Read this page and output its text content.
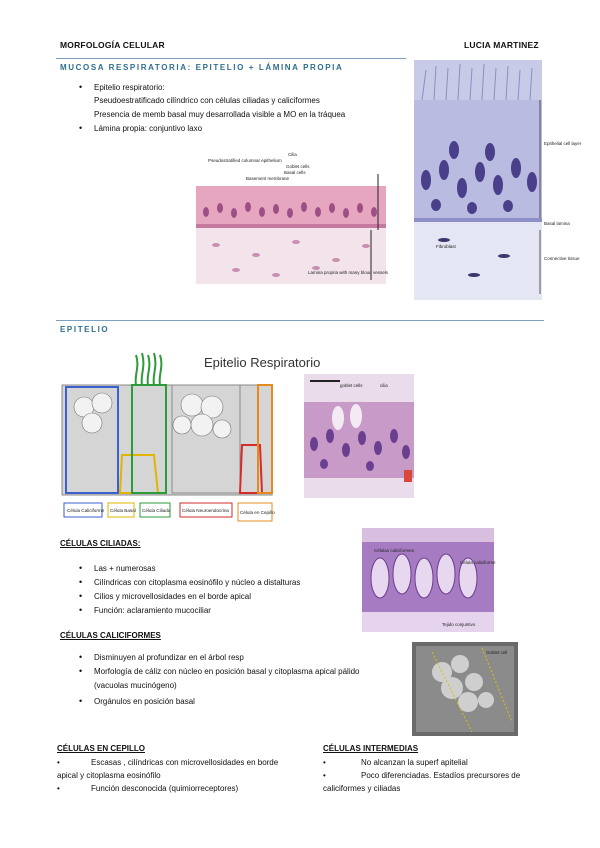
MORFOLOGÍA CELULAR	LUCIA MARTINEZ
MUCOSA RESPIRATORIA: EPITELIO + LÁMINA PROPIA
• Epitelio respiratorio:
Pseudoestratificado cilíndrico con células ciliadas y caliciformes
Presencia de memb basal muy desarrollada visible a MO en la tráquea
• Lámina propia: conjuntivo laxo
Cilia
Pseudostratified columnar epithelium
Goblet cells
Basal cells
Basement membrane
Lamina propria with many blood vessels
Epithelial cell layer
Basal lamina
Fibroblast
Connective tissue
EPITELIO
Epitelio Respiratorio
Célula Caliciforme Célula Basal Célula Ciliada	Célula Neuroendocrina Célula en Cepillo
goblet cells	cilia
CÉLULAS CILIADAS:
• Las + numerosas
• Cilíndricas con citoplasma eosinófilo y núcleo a distalturas
• Cilios y microvellosidades en el borde apical
• Función: aclaramiento mucociliar
Células caliciformes
Célula caliciforme
Tejido conjuntivo
CÉLULAS CALICIFORMES
• Disminuyen al profundizar en el árbol resp
• Morfología de cáliz con núcleo en posición basal y citoplasma apical pálido
(vacuolas mucinógeno)
• Orgánulos en posición basal
Goblet cell
CÉLULAS EN CEPILLO
•	Escasas , cilíndricas con microvellosidades en borde
apical y citoplasma eosinófilo
•	Función desconocida (quimiorreceptores)
CÉLULAS INTERMEDIAS
•	No alcanzan la superf apitelial
•	Poco diferenciadas. Estadíos precursores de
caliciformes y ciliadas
